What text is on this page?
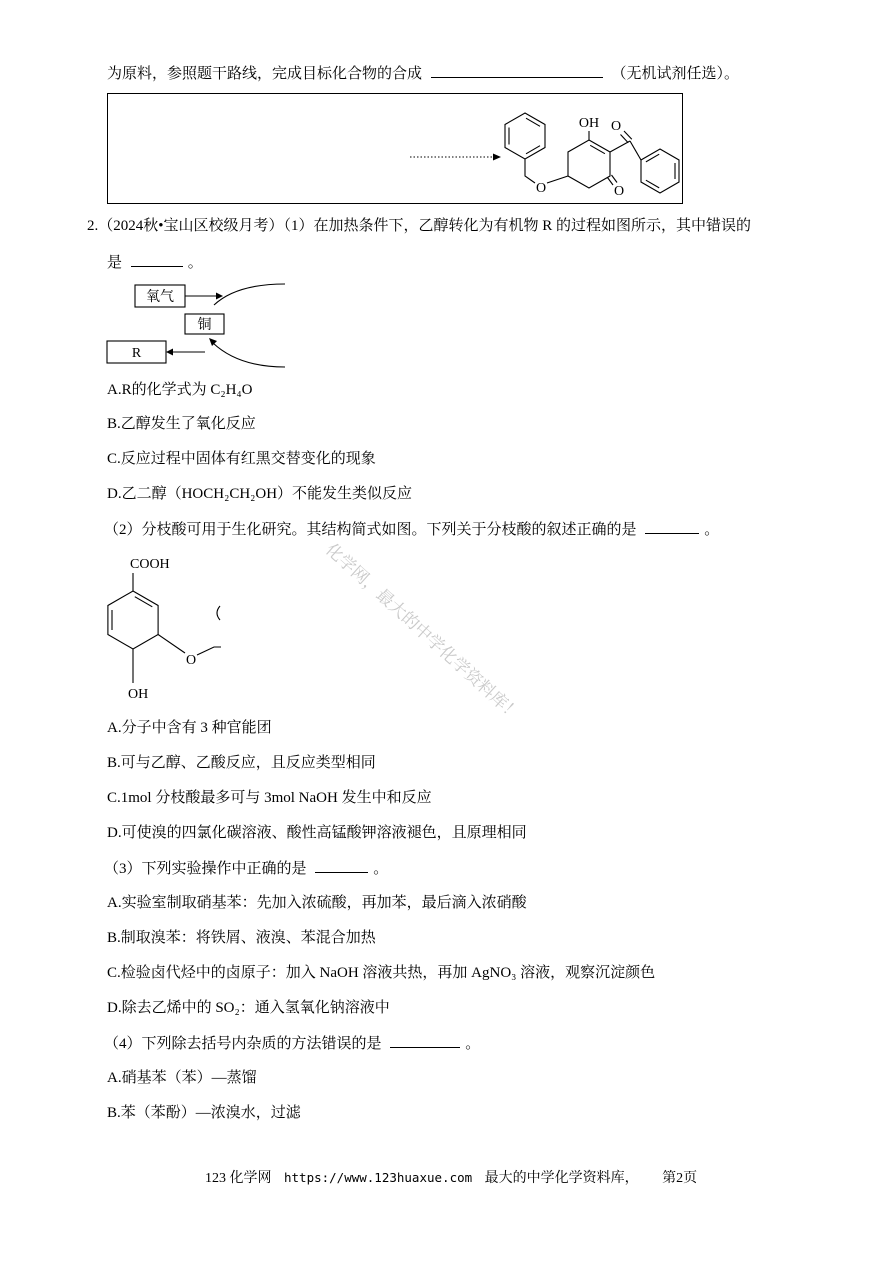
为原料，参照题干路线，完成目标化合物的合成	（无机试剂任选）。
O
OH
O
O
2.（2024秋•宝山区校级月考）（1）在加热条件下，乙醇转化为有机物 R 的过程如图所示，其中错误的
是	。
氧气
铜
R
A.R的化学式为 C₂H₄O
B.乙醇发生了氧化反应
C.反应过程中固体有红黑交替变化的现象
D.乙二醇（HOCH₂CH₂OH）不能发生类似反应
（2）分枝酸可用于生化研究。其结构简式如图。下列关于分枝酸的叙述正确的是	。
COOH
OH
O
A.分子中含有 3 种官能团
B.可与乙醇、乙酸反应，且反应类型相同
C.1mol 分枝酸最多可与 3mol NaOH 发生中和反应
D.可使溴的四氯化碳溶液、酸性高锰酸钾溶液褪色，且原理相同
（3）下列实验操作中正确的是	。
A.实验室制取硝基苯：先加入浓硫酸，再加苯，最后滴入浓硝酸
B.制取溴苯：将铁屑、液溴、苯混合加热
C.检验卤代烃中的卤原子：加入 NaOH 溶液共热，再加 AgNO₃ 溶液，观察沉淀颜色
D.除去乙烯中的 SO₂：通入氢氧化钠溶液中
（4）下列除去括号内杂质的方法错误的是	。
A.硝基苯（苯）—蒸馏
B.苯（苯酚）—浓溴水，过滤
化学网，最大的中学化学资料库！
123 化学网 https://www.123huaxue.com 最大的中学化学资料库， 第2页
